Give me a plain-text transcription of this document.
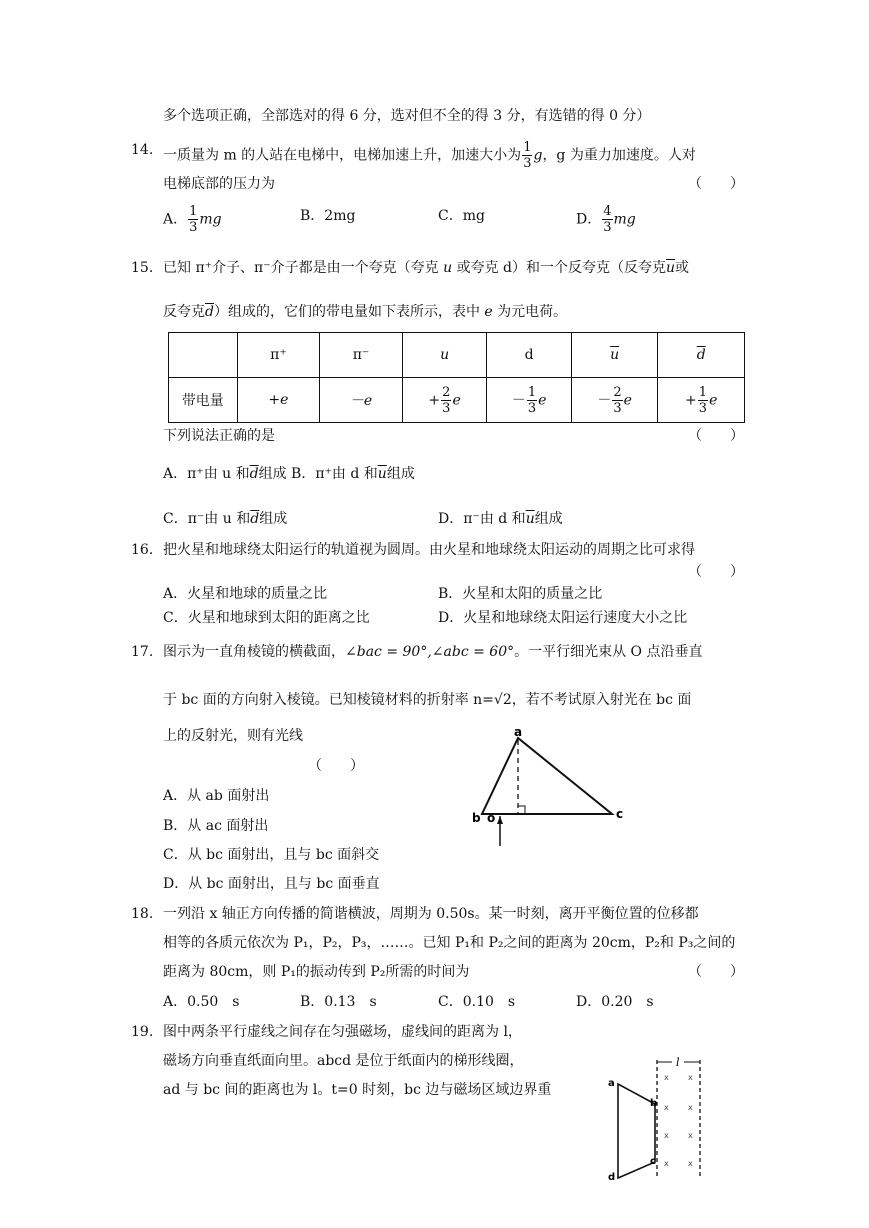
多个选项正确，全部选对的得 6 分，选对但不全的得 3 分，有选错的得 0 分）
14. 一质量为 m 的人站在电梯中，电梯加速上升，加速大小为 $\frac{1}{3}$ g，g 为重力加速度。人对
电梯底部的压力为	（　　）
A． $\frac{1}{3}$ mg	B．2mg	C．mg	D． $\frac{4}{3}$ mg
15. 已知 π⁺介子、π⁻介子都是由一个夸克（夸克 u 或夸克 d）和一个反夸克（反夸克$\overline{u}$或
反夸克$\overline{d}$）组成的，它们的带电量如下表所示，表中 e 为元电荷。
	π⁺	π⁻	u	d	$\overline{u}$	$\overline{d}$
带电量	+e	－e	+ $\frac{2}{3}$ e	－ $\frac{1}{3}$ e	－ $\frac{2}{3}$ e	+ $\frac{1}{3}$ e
下列说法正确的是	（　　）
A．π⁺由 u 和$\overline{d}$组成 B．π⁺由 d 和$\overline{u}$组成
C．π⁻由 u 和$\overline{d}$组成	D．π⁻由 d 和$\overline{u}$组成
16. 把火星和地球绕太阳运行的轨道视为圆周。由火星和地球绕太阳运动的周期之比可求得
（　　）
A．火星和地球的质量之比	B．火星和太阳的质量之比
C．火星和地球到太阳的距离之比	D．火星和地球绕太阳运行速度大小之比
17. 图示为一直角棱镜的横截面，∠bac = 90°,∠abc = 60°。一平行细光束从 O 点沿垂直
于 bc 面的方向射入棱镜。已知棱镜材料的折射率 n=√2，若不考试原入射光在 bc 面
上的反射光，则有光线
（　　）
A．从 ab 面射出
B．从 ac 面射出
C．从 bc 面射出，且与 bc 面斜交
D．从 bc 面射出，且与 bc 面垂直
a
b o	c
18. 一列沿 x 轴正方向传播的简谐横波，周期为 0.50s。某一时刻，离开平衡位置的位移都
相等的各质元依次为 P₁，P₂，P₃，……。已知 P₁和 P₂之间的距离为 20cm，P₂和 P₃之间的
距离为 80cm，则 P₁的振动传到 P₂所需的时间为	（　　）
A．0.50　s	B．0.13　s	C．0.10　s	D．0.20　s
19. 图中两条平行虚线之间存在匀强磁场，虚线间的距离为 l，
磁场方向垂直纸面向里。abcd 是位于纸面内的梯形线圈，
ad 与 bc 间的距离也为 l。t=0 时刻，bc 边与磁场区域边界重
l
a
b
c
d
x x
x x
x x
x x
